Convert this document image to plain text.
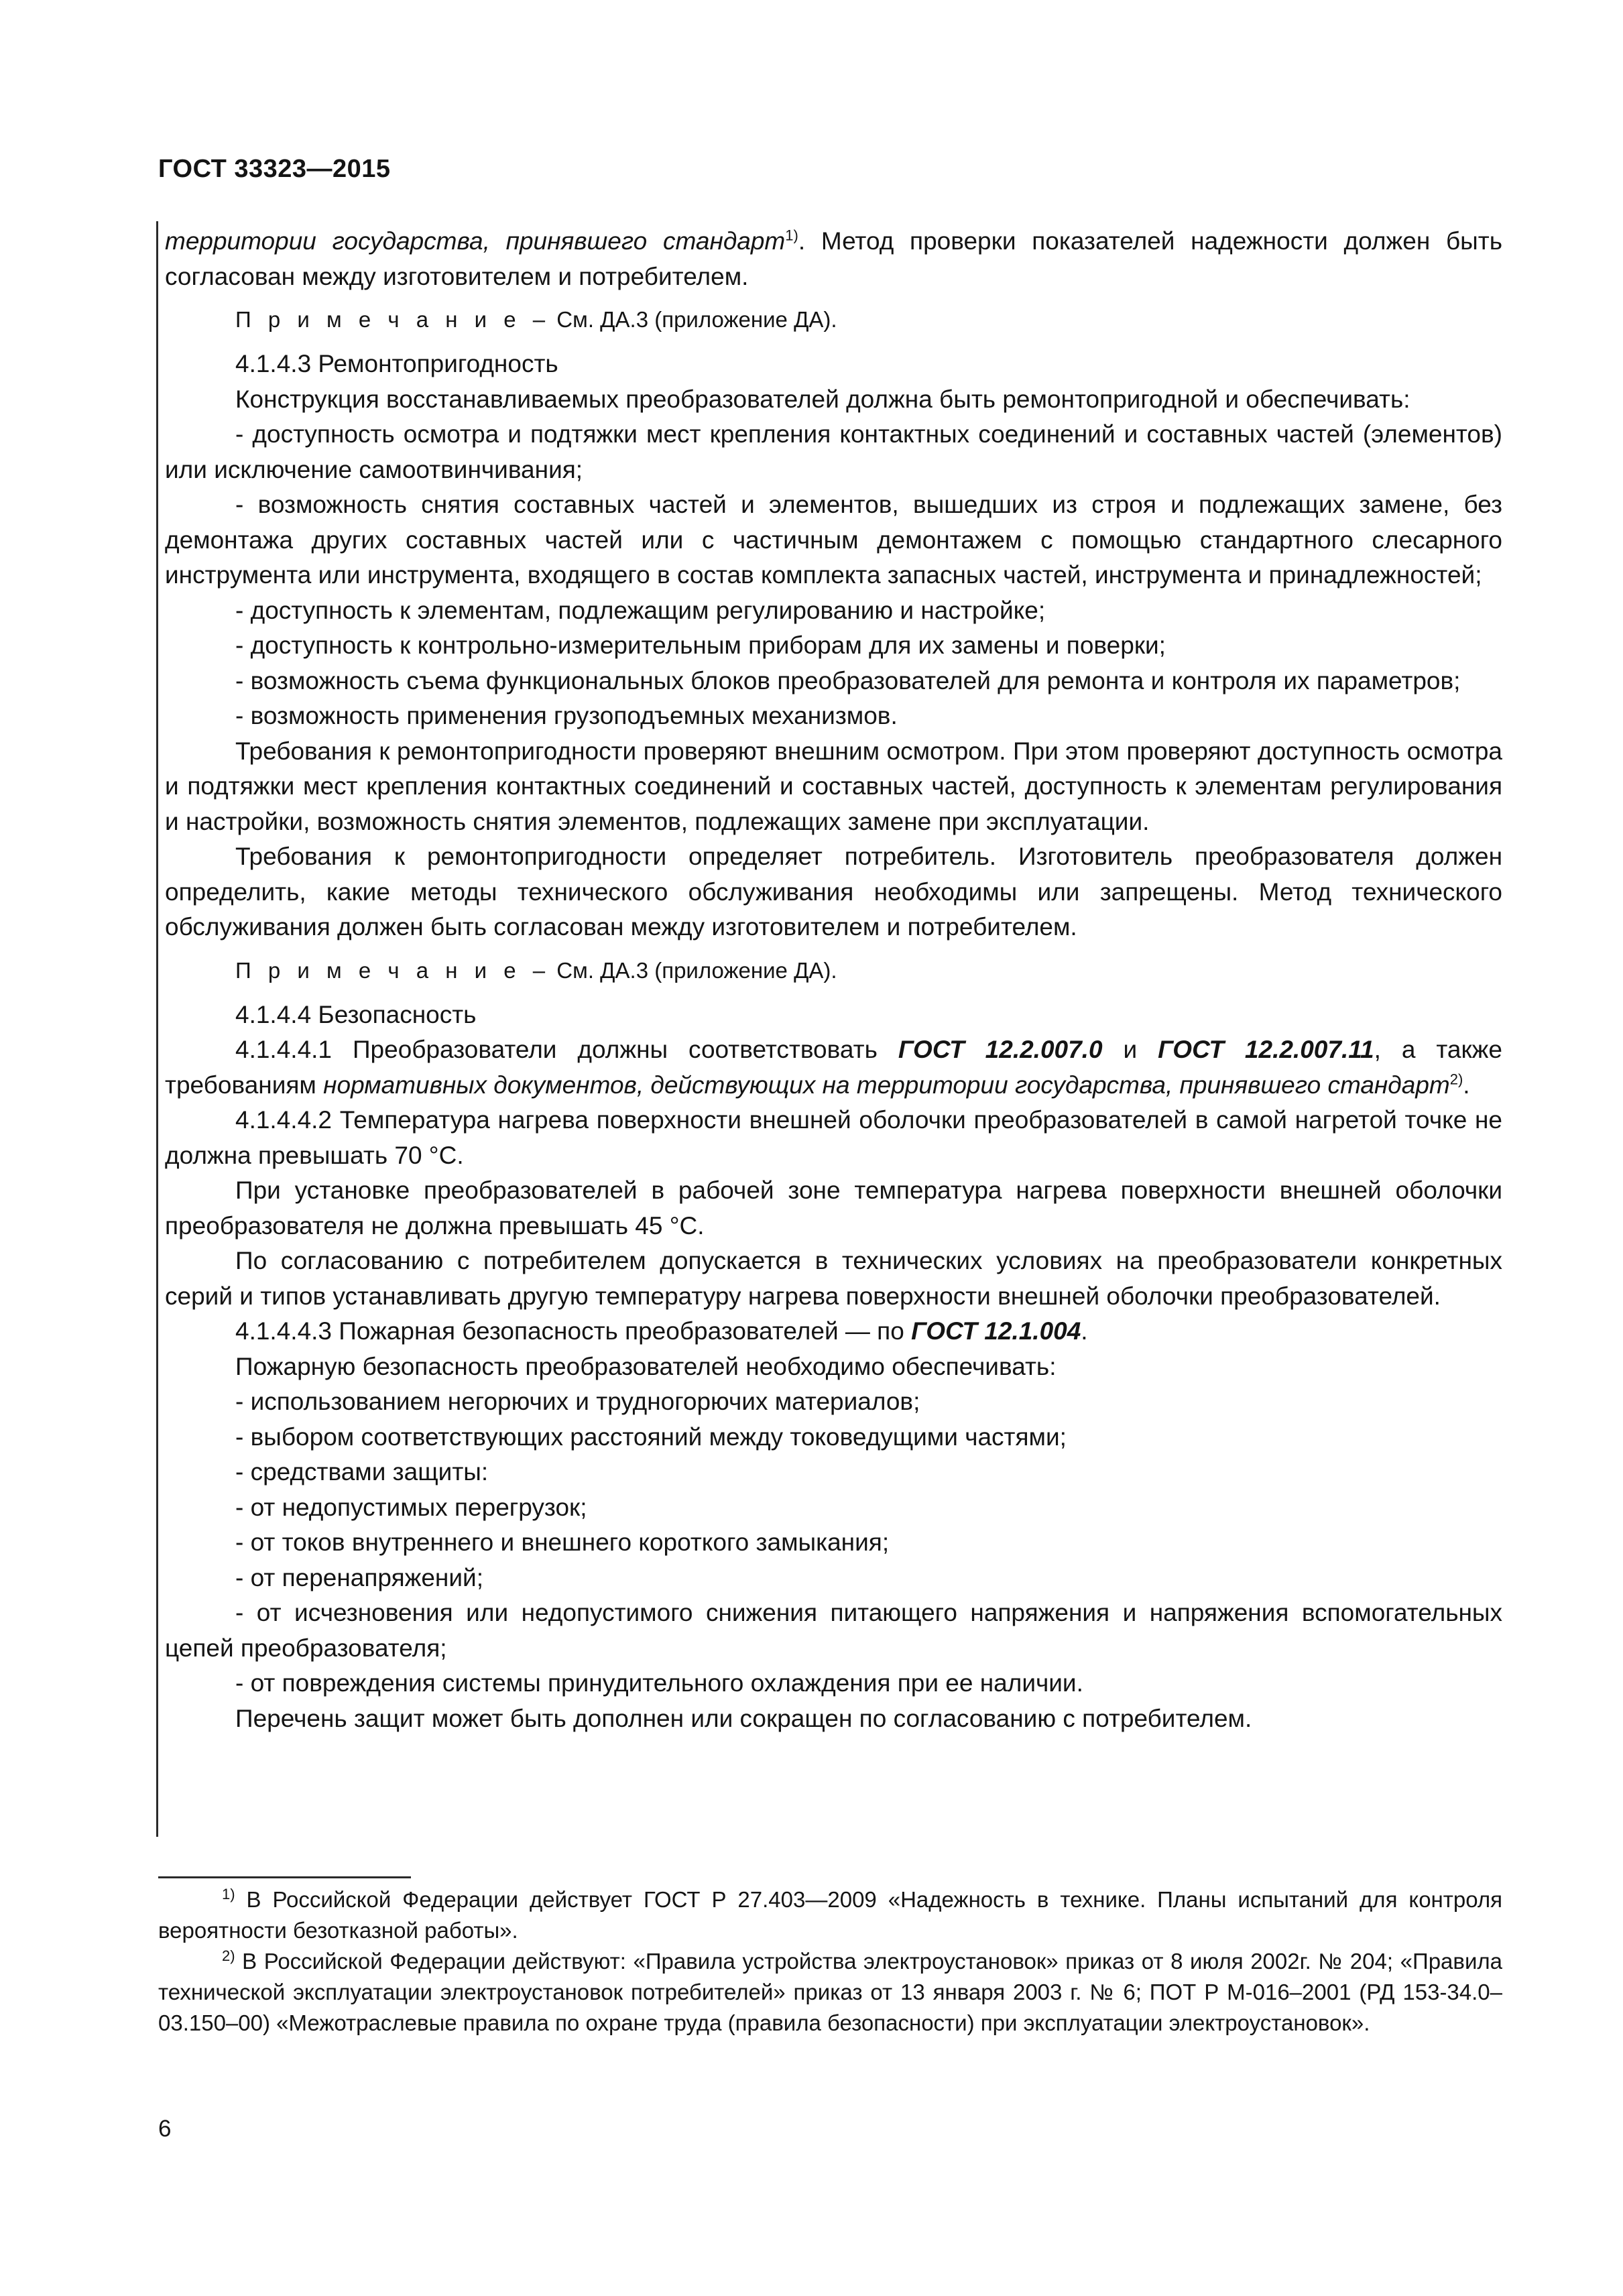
ГОСТ 33323—2015

территории государства, принявшего стандарт$^{1)}$. Метод проверки показателей надежности должен быть согласован между изготовителем и потребителем.

П р и м е ч а н и е – См. ДА.3 (приложение ДА).

4.1.4.3 Ремонтопригодность

Конструкция восстанавливаемых преобразователей должна быть ремонтопригодной и обеспечивать:

- доступность осмотра и подтяжки мест крепления контактных соединений и составных частей (элементов) или исключение самоотвинчивания;

- возможность снятия составных частей и элементов, вышедших из строя и подлежащих замене, без демонтажа других составных частей или с частичным демонтажем с помощью стандартного слесарного инструмента или инструмента, входящего в состав комплекта запасных частей, инструмента и принадлежностей;

- доступность к элементам, подлежащим регулированию и настройке;

- доступность к контрольно-измерительным приборам для их замены и поверки;

- возможность съема функциональных блоков преобразователей для ремонта и контроля их параметров;

- возможность применения грузоподъемных механизмов.

Требования к ремонтопригодности проверяют внешним осмотром. При этом проверяют доступность осмотра и подтяжки мест крепления контактных соединений и составных частей, доступность к элементам регулирования и настройки, возможность снятия элементов, подлежащих замене при эксплуатации.

Требования к ремонтопригодности определяет потребитель. Изготовитель преобразователя должен определить, какие методы технического обслуживания необходимы или запрещены. Метод технического обслуживания должен быть согласован между изготовителем и потребителем.

П р и м е ч а н и е – См. ДА.3 (приложение ДА).

4.1.4.4 Безопасность

4.1.4.4.1 Преобразователи должны соответствовать ГОСТ 12.2.007.0 и ГОСТ 12.2.007.11, а также требованиям нормативных документов, действующих на территории государства, принявшего стандарт$^{2)}$.

4.1.4.4.2 Температура нагрева поверхности внешней оболочки преобразователей в самой нагретой точке не должна превышать 70 °С.

При установке преобразователей в рабочей зоне температура нагрева поверхности внешней оболочки преобразователя не должна превышать 45 °С.

По согласованию с потребителем допускается в технических условиях на преобразователи конкретных серий и типов устанавливать другую температуру нагрева поверхности внешней оболочки преобразователей.

4.1.4.4.3 Пожарная безопасность преобразователей — по ГОСТ 12.1.004.

Пожарную безопасность преобразователей необходимо обеспечивать:

- использованием негорючих и трудногорючих материалов;

- выбором соответствующих расстояний между токоведущими частями;

- средствами защиты:

- от недопустимых перегрузок;

- от токов внутреннего и внешнего короткого замыкания;

- от перенапряжений;

- от исчезновения или недопустимого снижения питающего напряжения и напряжения вспомогательных цепей преобразователя;

- от повреждения системы принудительного охлаждения при ее наличии.

Перечень защит может быть дополнен или сокращен по согласованию с потребителем.

$^{1)}$ В Российской Федерации действует ГОСТ Р 27.403—2009 «Надежность в технике. Планы испытаний для контроля вероятности безотказной работы».

$^{2)}$ В Российской Федерации действуют: «Правила устройства электроустановок» приказ от 8 июля 2002г. № 204; «Правила технической эксплуатации электроустановок потребителей» приказ от 13 января 2003 г. № 6; ПОТ Р М-016–2001 (РД 153-34.0–03.150–00) «Межотраслевые правила по охране труда (правила безопасности) при эксплуатации электроустановок».

6
